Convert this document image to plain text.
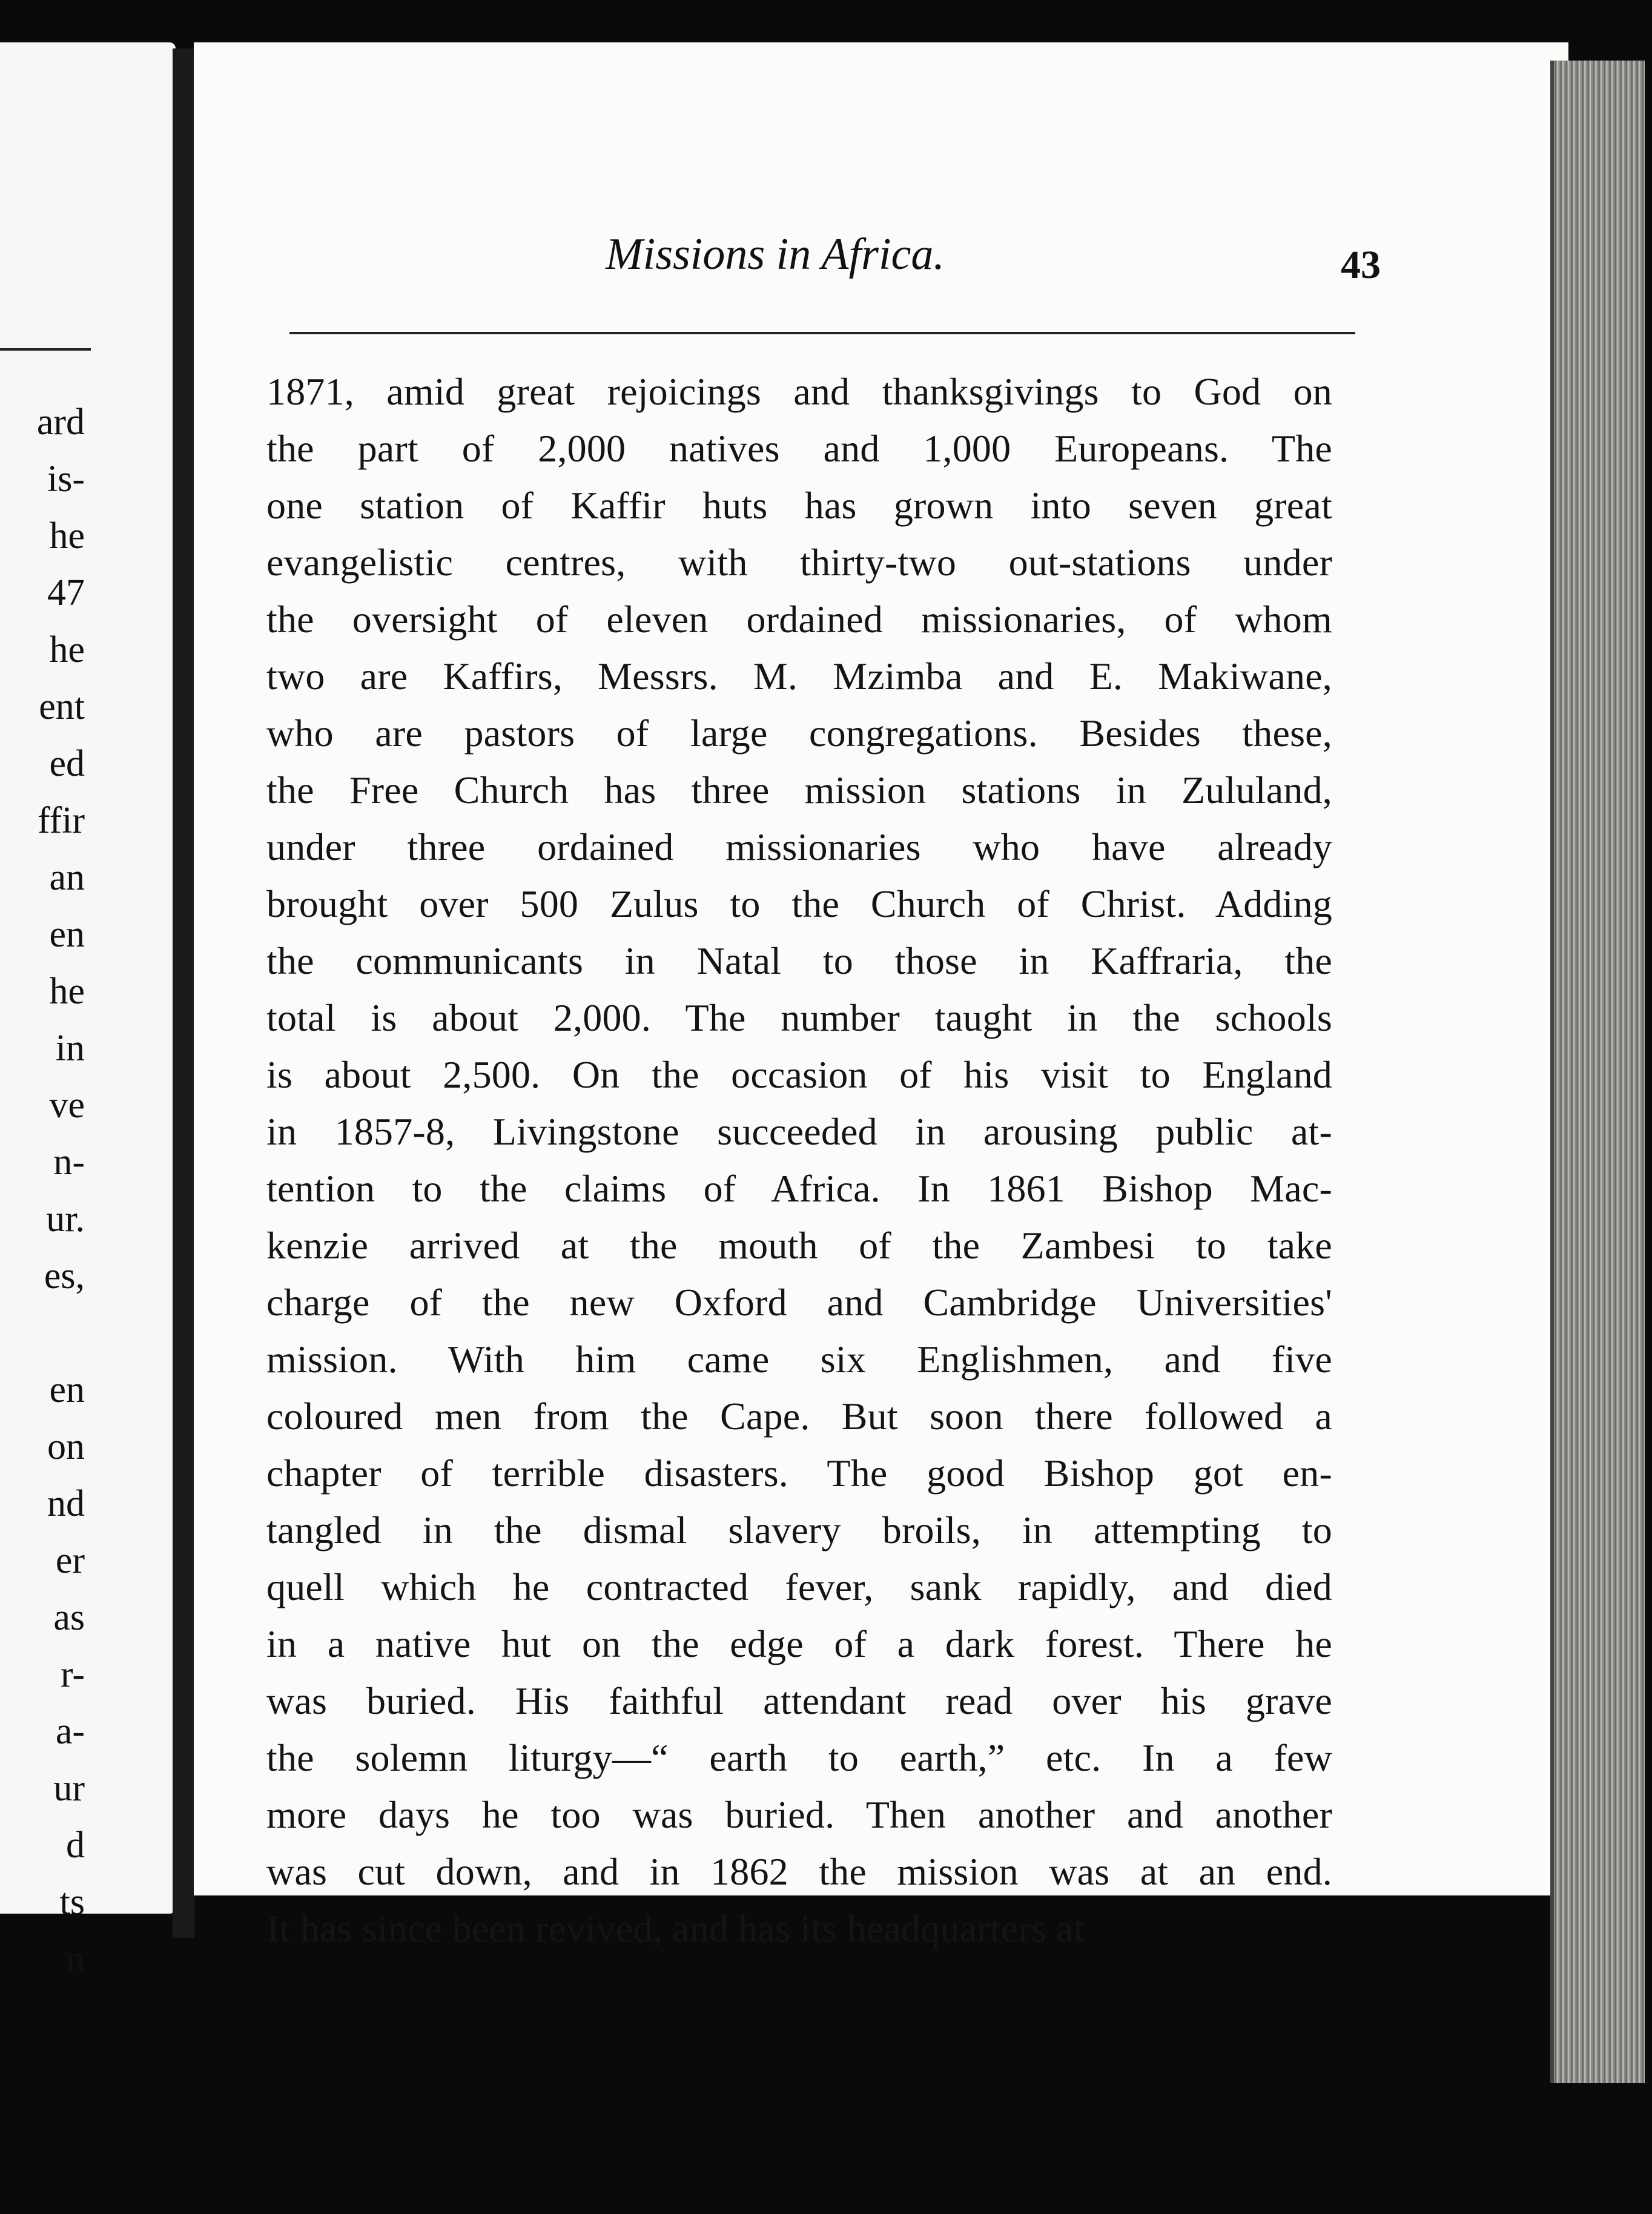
ard
is-
he
47
he
ent
ed
ffir
an
en
he
in
ve
n-
ur.
es,
en
on
nd
er
as
r-
a-
ur
d
ts
n
Missions in Africa.	43
1871, amid great rejoicings and thanksgivings to God on
the part of 2,000 natives and 1,000 Europeans. The
one station of Kaffir huts has grown into seven great
evangelistic centres, with thirty-two out-stations under
the oversight of eleven ordained missionaries, of whom
two are Kaffirs, Messrs. M. Mzimba and E. Makiwane,
who are pastors of large congregations. Besides these,
the Free Church has three mission stations in Zululand,
under three ordained missionaries who have already
brought over 500 Zulus to the Church of Christ. Adding
the communicants in Natal to those in Kaffraria, the
total is about 2,000. The number taught in the schools
is about 2,500. On the occasion of his visit to England
in 1857-8, Livingstone succeeded in arousing public at-
tention to the claims of Africa. In 1861 Bishop Mac-
kenzie arrived at the mouth of the Zambesi to take
charge of the new Oxford and Cambridge Universities'
mission. With him came six Englishmen, and five
coloured men from the Cape. But soon there followed a
chapter of terrible disasters. The good Bishop got en-
tangled in the dismal slavery broils, in attempting to
quell which he contracted fever, sank rapidly, and died
in a native hut on the edge of a dark forest. There he
was buried. His faithful attendant read over his grave
the solemn liturgy—“ earth to earth,” etc. In a few
more days he too was buried. Then another and another
was cut down, and in 1862 the mission was at an end.
It has since been revived, and has its headquarters at
